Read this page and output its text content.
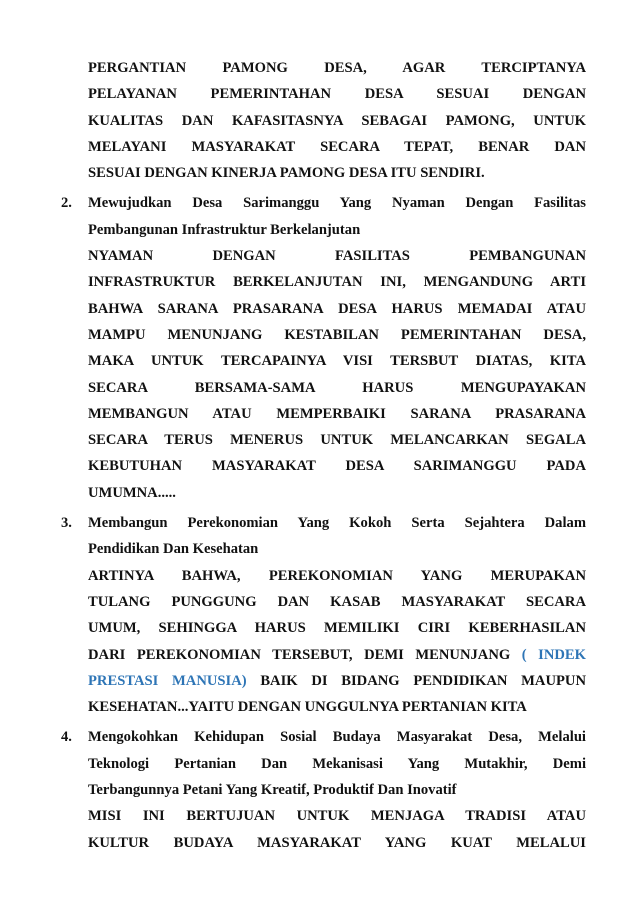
PERGANTIAN PAMONG DESA, AGAR TERCIPTANYA
PELAYANAN PEMERINTAHAN DESA SESUAI DENGAN
KUALITAS DAN KAFASITASNYA SEBAGAI PAMONG, UNTUK
MELAYANI MASYARAKAT SECARA TEPAT, BENAR DAN
SESUAI DENGAN KINERJA PAMONG DESA ITU SENDIRI.
2. Mewujudkan Desa Sarimanggu Yang Nyaman Dengan Fasilitas
Pembangunan Infrastruktur Berkelanjutan
NYAMAN DENGAN FASILITAS PEMBANGUNAN
INFRASTRUKTUR BERKELANJUTAN INI, MENGANDUNG ARTI
BAHWA SARANA PRASARANA DESA HARUS MEMADAI ATAU
MAMPU MENUNJANG KESTABILAN PEMERINTAHAN DESA,
MAKA UNTUK TERCAPAINYA VISI TERSBUT DIATAS, KITA
SECARA BERSAMA-SAMA HARUS MENGUPAYAKAN
MEMBANGUN ATAU MEMPERBAIKI SARANA PRASARANA
SECARA TERUS MENERUS UNTUK MELANCARKAN SEGALA
KEBUTUHAN MASYARAKAT DESA SARIMANGGU PADA
UMUMNA.....
3. Membangun Perekonomian Yang Kokoh Serta Sejahtera Dalam
Pendidikan Dan Kesehatan
ARTINYA BAHWA, PEREKONOMIAN YANG MERUPAKAN
TULANG PUNGGUNG DAN KASAB MASYARAKAT SECARA
UMUM, SEHINGGA HARUS MEMILIKI CIRI KEBERHASILAN
DARI PEREKONOMIAN TERSEBUT, DEMI MENUNJANG ( INDEK
PRESTASI MANUSIA) BAIK DI BIDANG PENDIDIKAN MAUPUN
KESEHATAN...YAITU DENGAN UNGGULNYA PERTANIAN KITA
4. Mengokohkan Kehidupan Sosial Budaya Masyarakat Desa, Melalui
Teknologi Pertanian Dan Mekanisasi Yang Mutakhir, Demi
Terbangunnya Petani Yang Kreatif, Produktif Dan Inovatif
MISI INI BERTUJUAN UNTUK MENJAGA TRADISI ATAU
KULTUR BUDAYA MASYARAKAT YANG KUAT MELALUI
